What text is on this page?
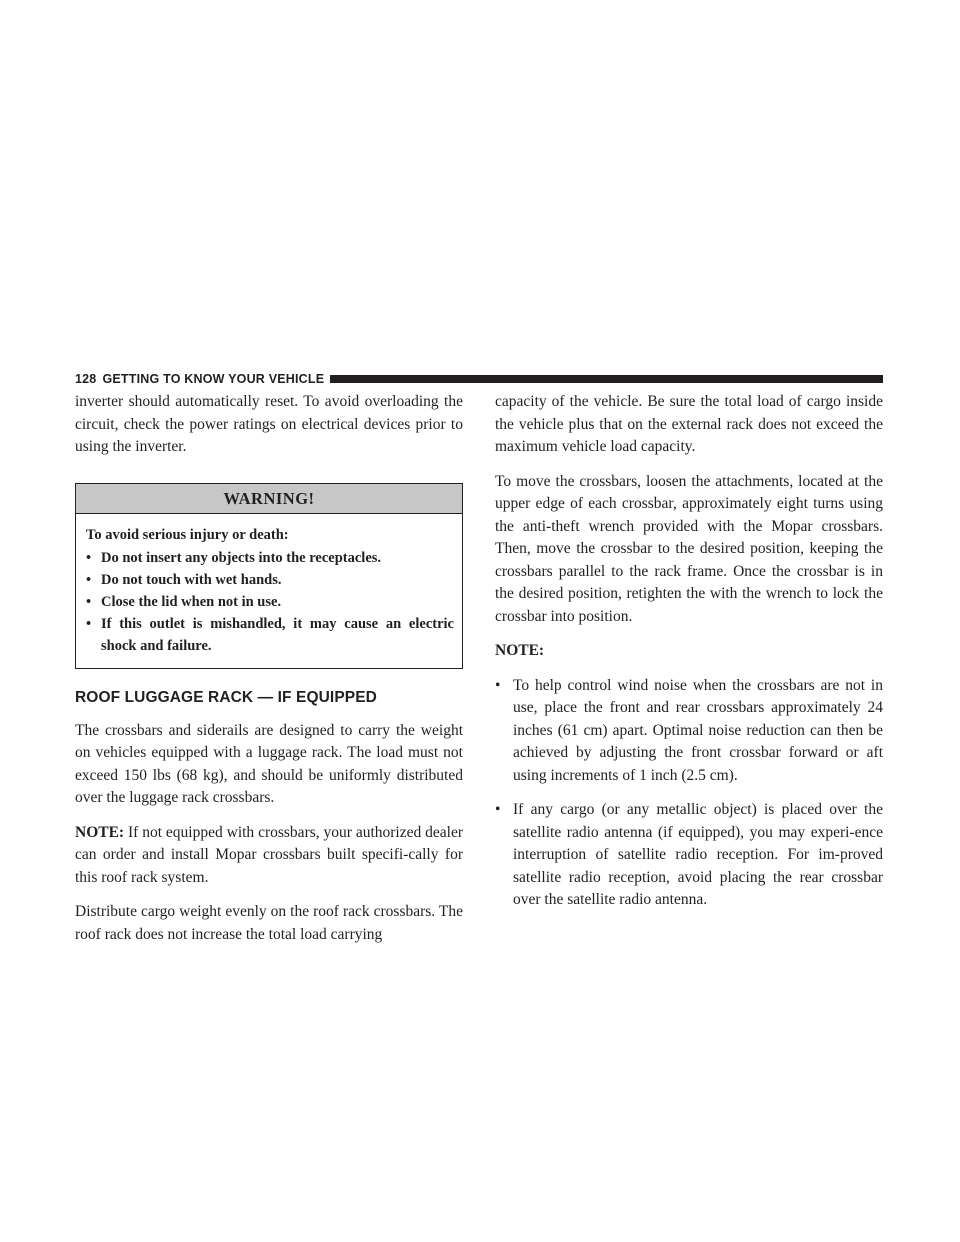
128 GETTING TO KNOW YOUR VEHICLE

inverter should automatically reset. To avoid overloading the circuit, check the power ratings on electrical devices prior to using the inverter.

WARNING!
To avoid serious injury or death:
• Do not insert any objects into the receptacles.
• Do not touch with wet hands.
• Close the lid when not in use.
• If this outlet is mishandled, it may cause an electric shock and failure.
ROOF LUGGAGE RACK — IF EQUIPPED

The crossbars and siderails are designed to carry the weight on vehicles equipped with a luggage rack. The load must not exceed 150 lbs (68 kg), and should be uniformly distributed over the luggage rack crossbars.

NOTE: If not equipped with crossbars, your authorized dealer can order and install Mopar crossbars built specifi-cally for this roof rack system.

Distribute cargo weight evenly on the roof rack crossbars. The roof rack does not increase the total load carrying

capacity of the vehicle. Be sure the total load of cargo inside the vehicle plus that on the external rack does not exceed the maximum vehicle load capacity.

To move the crossbars, loosen the attachments, located at the upper edge of each crossbar, approximately eight turns using the anti-theft wrench provided with the Mopar crossbars. Then, move the crossbar to the desired position, keeping the crossbars parallel to the rack frame. Once the crossbar is in the desired position, retighten the with the wrench to lock the crossbar into position.

NOTE:
• To help control wind noise when the crossbars are not in use, place the front and rear crossbars approximately 24 inches (61 cm) apart. Optimal noise reduction can then be achieved by adjusting the front crossbar forward or aft using increments of 1 inch (2.5 cm).
• If any cargo (or any metallic object) is placed over the satellite radio antenna (if equipped), you may experi-ence interruption of satellite radio reception. For im-proved satellite radio reception, avoid placing the rear crossbar over the satellite radio antenna.
